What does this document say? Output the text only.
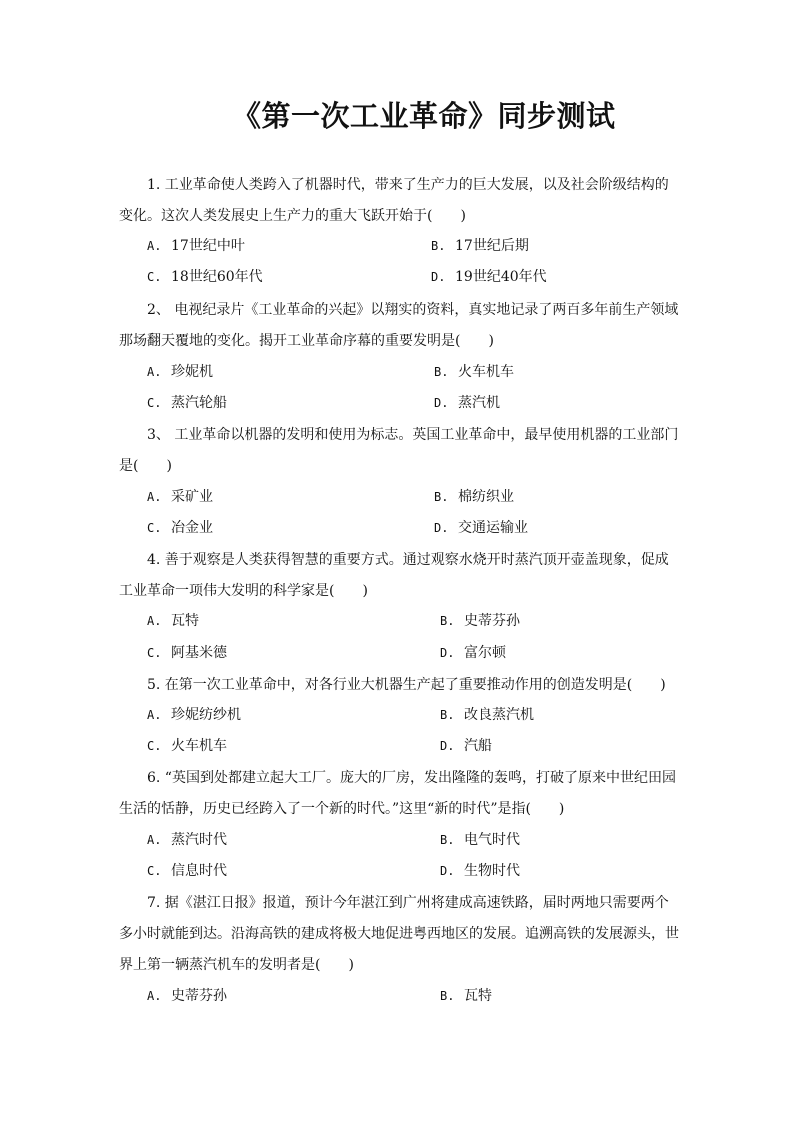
《第一次工业革命》同步测试

1. 工业革命使人类跨入了机器时代，带来了生产力的巨大发展，以及社会阶级结构的变化。这次人类发展史上生产力的重大飞跃开始于(　　)

A. 17世纪中叶	B. 17世纪后期
C. 18世纪60年代	D. 19世纪40年代

2、 电视纪录片《工业革命的兴起》以翔实的资料，真实地记录了两百多年前生产领域那场翻天覆地的变化。揭开工业革命序幕的重要发明是(　　)

A. 珍妮机	B. 火车机车
C. 蒸汽轮船	D. 蒸汽机

3、 工业革命以机器的发明和使用为标志。英国工业革命中，最早使用机器的工业部门是(　　)

A. 采矿业	B. 棉纺织业
C. 冶金业	D. 交通运输业

4. 善于观察是人类获得智慧的重要方式。通过观察水烧开时蒸汽顶开壶盖现象，促成工业革命一项伟大发明的科学家是(　　)

A. 瓦特	B. 史蒂芬孙
C. 阿基米德	D. 富尔顿

5. 在第一次工业革命中，对各行业大机器生产起了重要推动作用的创造发明是(　　)

A. 珍妮纺纱机	B. 改良蒸汽机
C. 火车机车	D. 汽船

6. “英国到处都建立起大工厂。庞大的厂房，发出隆隆的轰鸣，打破了原来中世纪田园生活的恬静，历史已经跨入了一个新的时代。”这里“新的时代”是指(　　)

A. 蒸汽时代	B. 电气时代
C. 信息时代	D. 生物时代

7. 据《湛江日报》报道，预计今年湛江到广州将建成高速铁路，届时两地只需要两个多小时就能到达。沿海高铁的建成将极大地促进粤西地区的发展。追溯高铁的发展源头，世界上第一辆蒸汽机车的发明者是(　　)

A. 史蒂芬孙	B. 瓦特
